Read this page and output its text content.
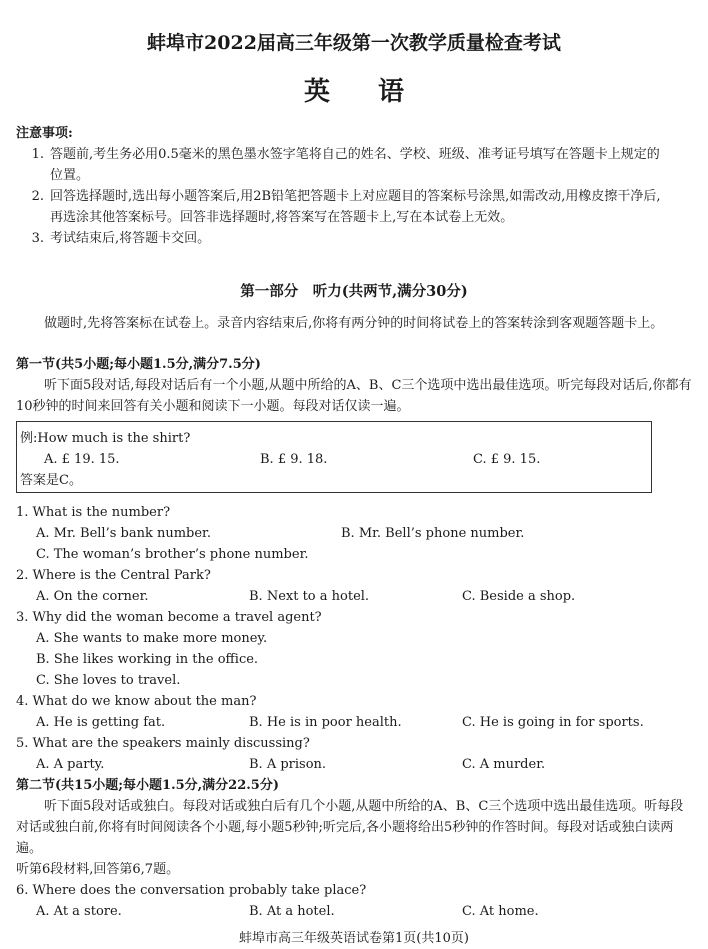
蚌埠市2022届高三年级第一次教学质量检查考试
英语
注意事项:
1. 答题前,考生务必用0.5毫米的黑色墨水签字笔将自己的姓名、学校、班级、准考证号填写在答题卡上规定的位置。
2. 回答选择题时,选出每小题答案后,用2B铅笔把答题卡上对应题目的答案标号涂黑,如需改动,用橡皮擦干净后,再选涂其他答案标号。回答非选择题时,将答案写在答题卡上,写在本试卷上无效。
3. 考试结束后,将答题卡交回。
第一部分　听力(共两节,满分30分)
做题时,先将答案标在试卷上。录音内容结束后,你将有两分钟的时间将试卷上的答案转涂到客观题答题卡上。
第一节(共5小题;每小题1.5分,满分7.5分)
听下面5段对话,每段对话后有一个小题,从题中所给的A、B、C三个选项中选出最佳选项。听完每段对话后,你都有10秒钟的时间来回答有关小题和阅读下一小题。每段对话仅读一遍。
例:How much is the shirt?
A. £ 19. 15.	B. £ 9. 18.	C. £ 9. 15.
答案是C。
1. What is the number?
A. Mr. Bell’s bank number.	B. Mr. Bell’s phone number.
C. The woman’s brother’s phone number.
2. Where is the Central Park?
A. On the corner.	B. Next to a hotel.	C. Beside a shop.
3. Why did the woman become a travel agent?
A. She wants to make more money.
B. She likes working in the office.
C. She loves to travel.
4. What do we know about the man?
A. He is getting fat.	B. He is in poor health.	C. He is going in for sports.
5. What are the speakers mainly discussing?
A. A party.	B. A prison.	C. A murder.
第二节(共15小题;每小题1.5分,满分22.5分)
听下面5段对话或独白。每段对话或独白后有几个小题,从题中所给的A、B、C三个选项中选出最佳选项。听每段对话或独白前,你将有时间阅读各个小题,每小题5秒钟;听完后,各小题将给出5秒钟的作答时间。每段对话或独白读两遍。
听第6段材料,回答第6,7题。
6. Where does the conversation probably take place?
A. At a store.	B. At a hotel.	C. At home.
蚌埠市高三年级英语试卷第1页(共10页)
